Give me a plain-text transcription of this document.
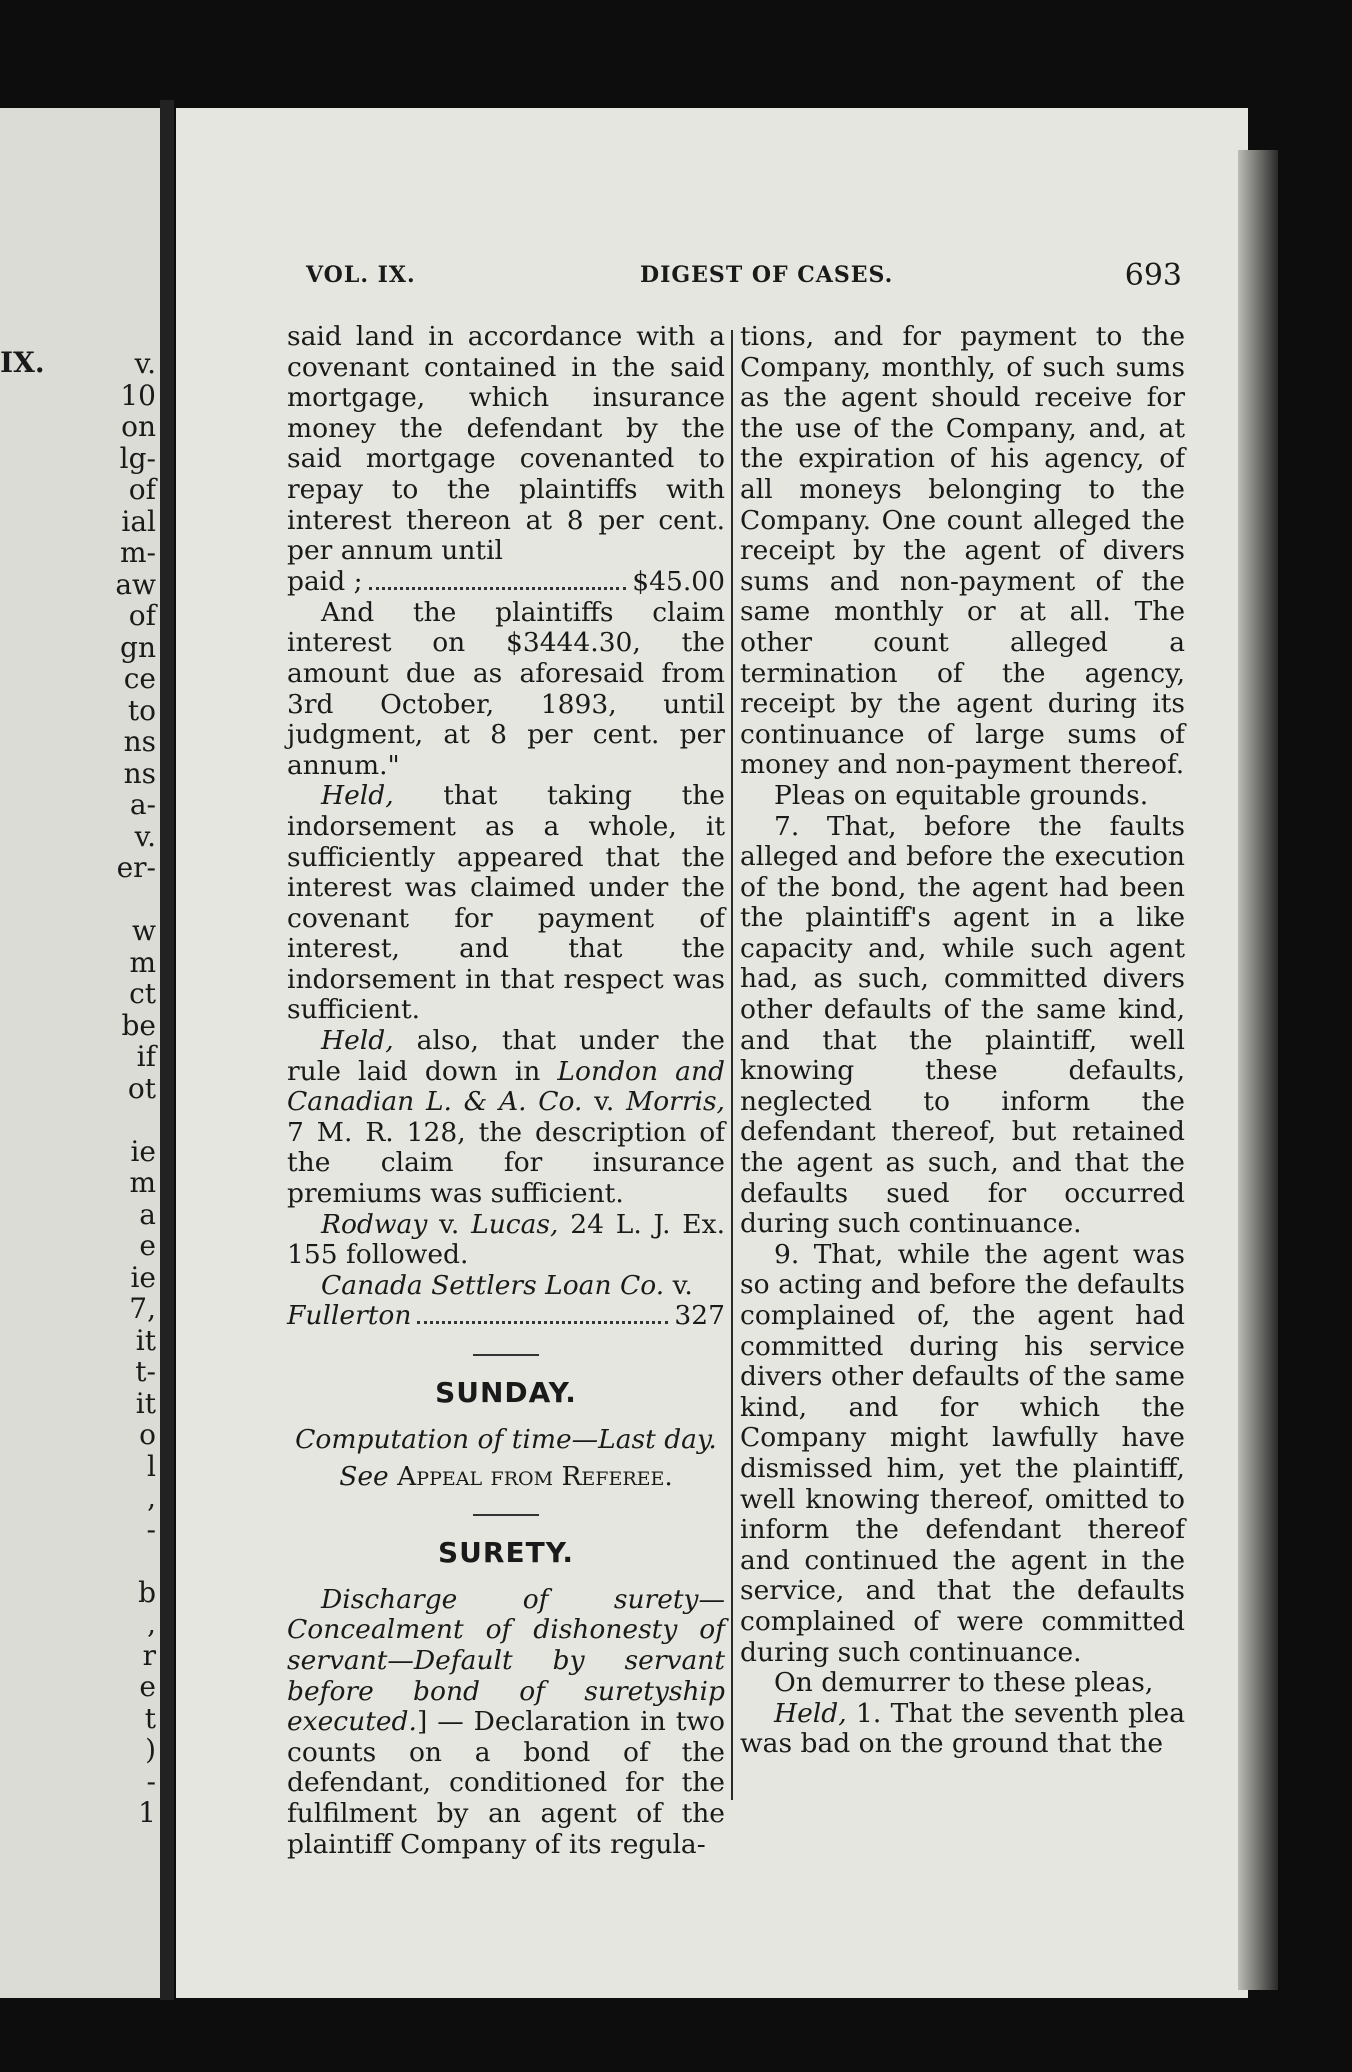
IX.	v.
10
on
lg-
of
ial
m-
aw
of
gn
ce
to
ns
ns
a-
v.
er-

w
m
ct
be
if
ot

ie
m
a
e
ie
7,
it
t-
it
o
l
,
-

b
,
r
e
t
)
-
1
VOL. IX.	DIGEST OF CASES.	693

said land in accordance with a covenant contained in the said mortgage, which insurance money the defendant by the said mortgage covenanted to repay to the plaintiffs with interest thereon at 8 per cent. per annum until

paid ;	$45.00

And the plaintiffs claim interest on $3444.30, the amount due as aforesaid from 3rd October, 1893, until judgment, at 8 per cent. per annum."

Held, that taking the indorsement as a whole, it sufficiently appeared that the interest was claimed under the covenant for payment of interest, and that the indorsement in that respect was sufficient.

Held, also, that under the rule laid down in London and Canadian L. & A. Co. v. Morris, 7 M. R. 128, the description of the claim for insurance premiums was sufficient.

Rodway v. Lucas, 24 L. J. Ex. 155 followed.

Canada Settlers Loan Co. v.

Fullerton	327
SUNDAY.

Computation of time—Last day.

See Appeal from Referee.

SURETY.

Discharge of surety—Concealment of dishonesty of servant—Default by servant before bond of suretyship executed.] — Declaration in two counts on a bond of the defendant, conditioned for the fulfilment by an agent of the plaintiff Company of its regula-

tions, and for payment to the Company, monthly, of such sums as the agent should receive for the use of the Company, and, at the expiration of his agency, of all moneys belonging to the Company. One count alleged the receipt by the agent of divers sums and non-payment of the same monthly or at all. The other count alleged a termination of the agency, receipt by the agent during its continuance of large sums of money and non-payment thereof.

Pleas on equitable grounds.

7. That, before the faults alleged and before the execution of the bond, the agent had been the plaintiff's agent in a like capacity and, while such agent had, as such, committed divers other defaults of the same kind, and that the plaintiff, well knowing these defaults, neglected to inform the defendant thereof, but retained the agent as such, and that the defaults sued for occurred during such continuance.

9. That, while the agent was so acting and before the defaults complained of, the agent had committed during his service divers other defaults of the same kind, and for which the Company might lawfully have dismissed him, yet the plaintiff, well knowing thereof, omitted to inform the defendant thereof and continued the agent in the service, and that the defaults complained of were committed during such continuance.

On demurrer to these pleas,

Held, 1. That the seventh plea was bad on the ground that the
